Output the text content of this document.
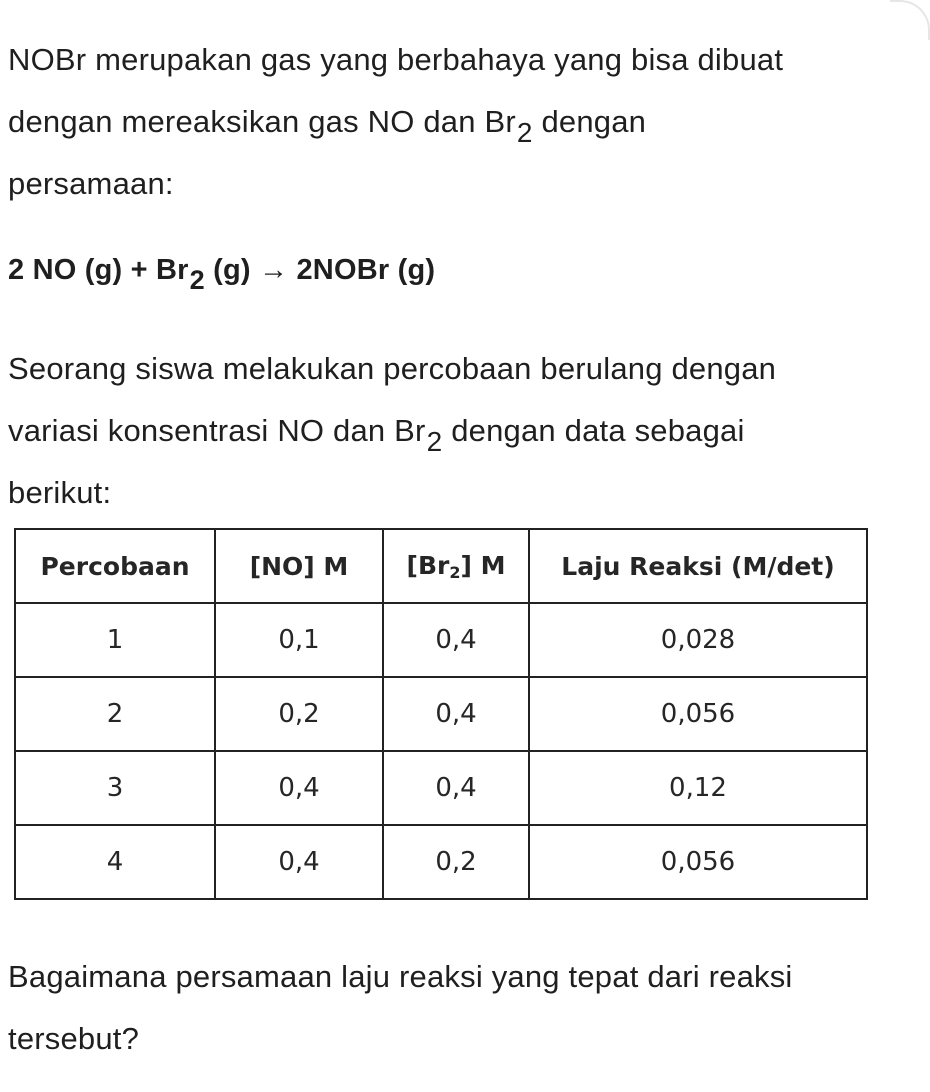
NOBr merupakan gas yang berbahaya yang bisa dibuat
dengan mereaksikan gas NO dan $Br_2$ dengan
persamaan:

2 NO $(g) + Br_2$ (g) → 2NOBr (g)

Seorang siswa melakukan percobaan berulang dengan
variasi konsentrasi NO dan $Br_2$ dengan data sebagai
berikut:

Percobaan	[NO] M	$[Br_2]$ M	Laju Reaksi (M/det)
1	0,1	0,4	0,028
2	0,2	0,4	0,056
3	0,4	0,4	0,12
4	0,4	0,2	0,056

Bagaimana persamaan laju reaksi yang tepat dari reaksi
tersebut?
